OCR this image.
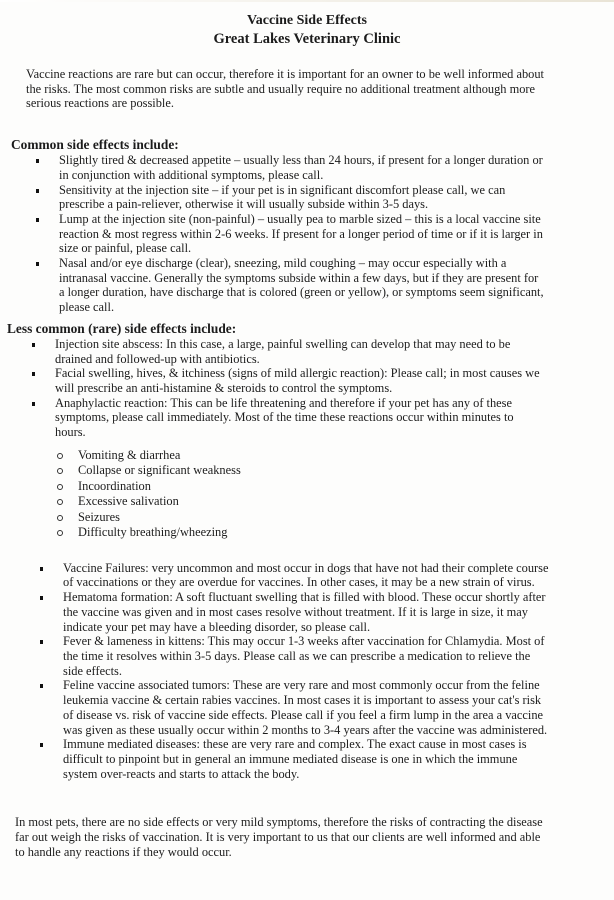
Vaccine Side Effects
Great Lakes Veterinary Clinic
Vaccine reactions are rare but can occur, therefore it is important for an owner to be well informed about
the risks. The most common risks are subtle and usually require no additional treatment although more
serious reactions are possible.
Common side effects include:
Slightly tired & decreased appetite – usually less than 24 hours, if present for a longer duration or
in conjunction with additional symptoms, please call.
Sensitivity at the injection site – if your pet is in significant discomfort please call, we can
prescribe a pain-reliever, otherwise it will usually subside within 3-5 days.
Lump at the injection site (non-painful) – usually pea to marble sized – this is a local vaccine site
reaction & most regress within 2-6 weeks. If present for a longer period of time or if it is larger in
size or painful, please call.
Nasal and/or eye discharge (clear), sneezing, mild coughing – may occur especially with a
intranasal vaccine. Generally the symptoms subside within a few days, but if they are present for
a longer duration, have discharge that is colored (green or yellow), or symptoms seem significant,
please call.
Less common (rare) side effects include:
Injection site abscess: In this case, a large, painful swelling can develop that may need to be
drained and followed-up with antibiotics.
Facial swelling, hives, & itchiness (signs of mild allergic reaction): Please call; in most causes we
will prescribe an anti-histamine & steroids to control the symptoms.
Anaphylactic reaction: This can be life threatening and therefore if your pet has any of these
symptoms, please call immediately. Most of the time these reactions occur within minutes to
hours.
Vomiting & diarrhea
Collapse or significant weakness
Incoordination
Excessive salivation
Seizures
Difficulty breathing/wheezing
Vaccine Failures: very uncommon and most occur in dogs that have not had their complete course
of vaccinations or they are overdue for vaccines. In other cases, it may be a new strain of virus.
Hematoma formation: A soft fluctuant swelling that is filled with blood. These occur shortly after
the vaccine was given and in most cases resolve without treatment. If it is large in size, it may
indicate your pet may have a bleeding disorder, so please call.
Fever & lameness in kittens: This may occur 1-3 weeks after vaccination for Chlamydia. Most of
the time it resolves within 3-5 days. Please call as we can prescribe a medication to relieve the
side effects.
Feline vaccine associated tumors: These are very rare and most commonly occur from the feline
leukemia vaccine & certain rabies vaccines. In most cases it is important to assess your cat's risk
of disease vs. risk of vaccine side effects. Please call if you feel a firm lump in the area a vaccine
was given as these usually occur within 2 months to 3-4 years after the vaccine was administered.
Immune mediated diseases: these are very rare and complex. The exact cause in most cases is
difficult to pinpoint but in general an immune mediated disease is one in which the immune
system over-reacts and starts to attack the body.
In most pets, there are no side effects or very mild symptoms, therefore the risks of contracting the disease
far out weigh the risks of vaccination. It is very important to us that our clients are well informed and able
to handle any reactions if they would occur.
